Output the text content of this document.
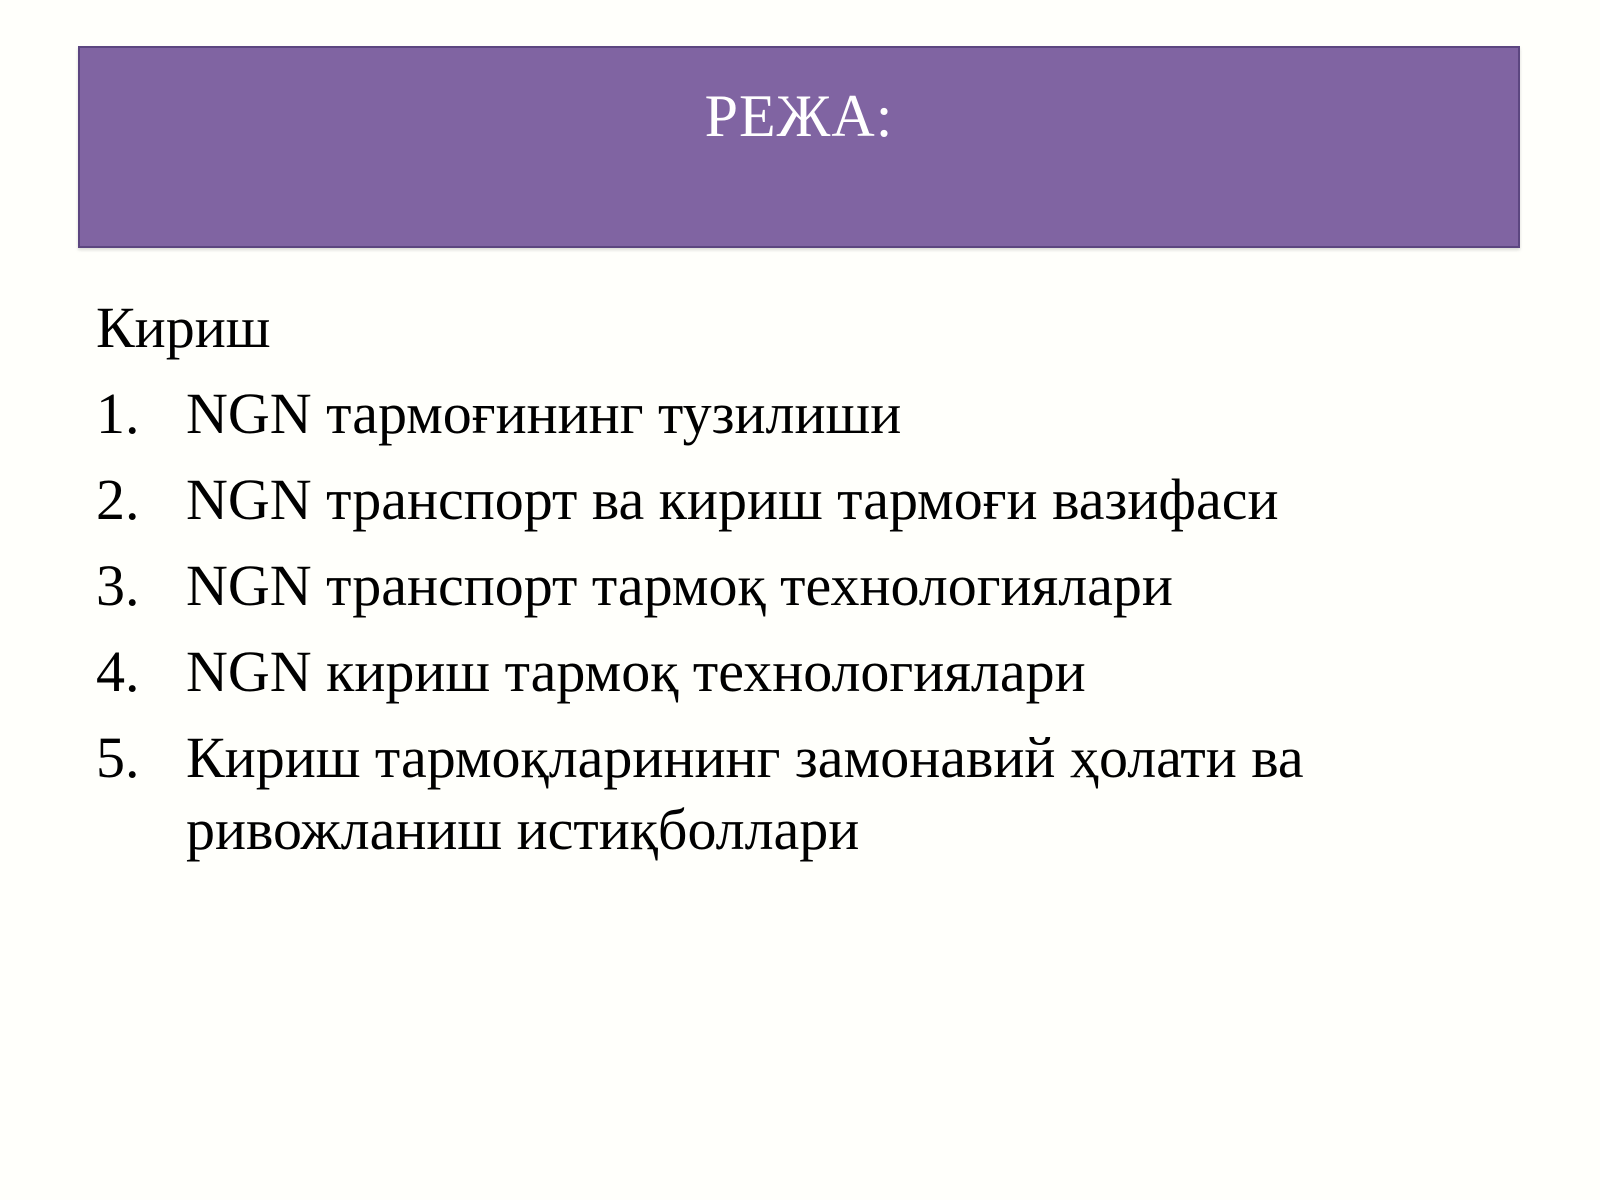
РЕЖА:
Кириш
1. NGN тармоғининг тузилиши
2. NGN транспорт ва кириш тармоғи вазифаси
3. NGN транспорт тармоқ технологиялари
4. NGN кириш тармоқ технологиялари
5. Кириш тармоқларининг замонавий ҳолати ва ривожланиш истиқболлари
